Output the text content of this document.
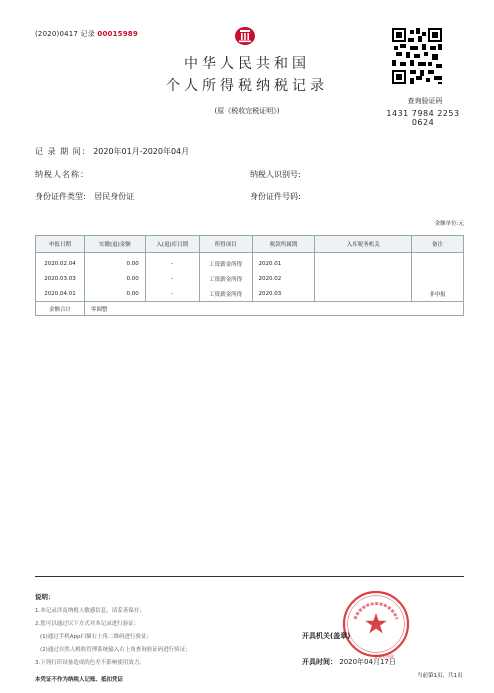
(2020)0417 记录 00015989
中华人民共和国
个人所得税纳税记录
(原《税收完税证明》)
查询验证码
1431 7984 2253 0624
记 录 期 间： 2020年01月-2020年04月
纳税人名称：	纳税人识别号:
身份证件类型: 居民身份证	身份证件号码:
金额单位:元
申报日期	实缴(退)金额	入(退)库日期	所得项目	税款所属期	入库税务机关	备注
2020.02.04	0.00	-	工资薪金所得	2020.01		
2020.03.03	0.00	-	工资薪金所得	2020.02		
2020.04.01	0.00	-	工资薪金所得	2020.03		非申报
金额合计	零圆整					
说明：
1.本记录涉及纳税人敏感信息，请妥善保存；
2.您可以通过以下方式对本记录进行验证：
(1)通过手机App扫描右上角二维码进行验证；
(2)通过自然人税收管理系统输入右上角查询验证码进行验证；
3.下列打印设备造成的色差不影响使用效力。
本凭证不作为纳税人记账、抵扣凭证
业务专用章
开具机关(盖章)
开具时间： 2020年04月17日
当前第1页，共1页
